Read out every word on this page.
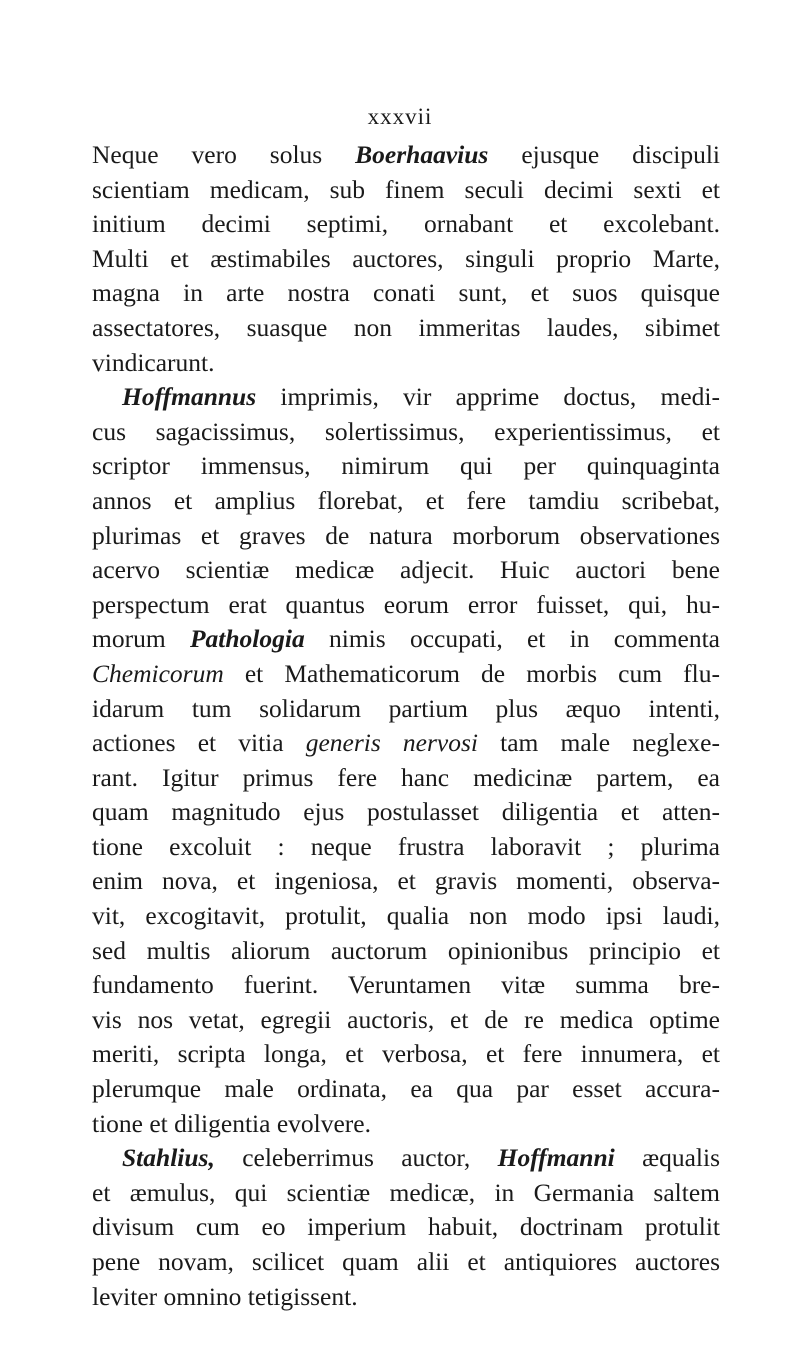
xxxvii
Neque vero solus Boerhaavius ejusque discipuli
scientiam medicam, sub finem seculi decimi sexti et
initium decimi septimi, ornabant et excolebant.
Multi et æstimabiles auctores, singuli proprio Marte,
magna in arte nostra conati sunt, et suos quisque
assectatores, suasque non immeritas laudes, sibimet
vindicarunt.
Hoffmannus imprimis, vir apprime doctus, medi-
cus sagacissimus, solertissimus, experientissimus, et
scriptor immensus, nimirum qui per quinquaginta
annos et amplius florebat, et fere tamdiu scribebat,
plurimas et graves de natura morborum observationes
acervo scientiæ medicæ adjecit. Huic auctori bene
perspectum erat quantus eorum error fuisset, qui, hu-
morum Pathologia nimis occupati, et in commenta
Chemicorum et Mathematicorum de morbis cum flu-
idarum tum solidarum partium plus æquo intenti,
actiones et vitia generis nervosi tam male neglexe-
rant. Igitur primus fere hanc medicinæ partem, ea
quam magnitudo ejus postulasset diligentia et atten-
tione excoluit : neque frustra laboravit ; plurima
enim nova, et ingeniosa, et gravis momenti, observa-
vit, excogitavit, protulit, qualia non modo ipsi laudi,
sed multis aliorum auctorum opinionibus principio et
fundamento fuerint. Veruntamen vitæ summa bre-
vis nos vetat, egregii auctoris, et de re medica optime
meriti, scripta longa, et verbosa, et fere innumera, et
plerumque male ordinata, ea qua par esset accura-
tione et diligentia evolvere.
Stahlius, celeberrimus auctor, Hoffmanni æqualis
et æmulus, qui scientiæ medicæ, in Germania saltem
divisum cum eo imperium habuit, doctrinam protulit
pene novam, scilicet quam alii et antiquiores auctores
leviter omnino tetigissent.
